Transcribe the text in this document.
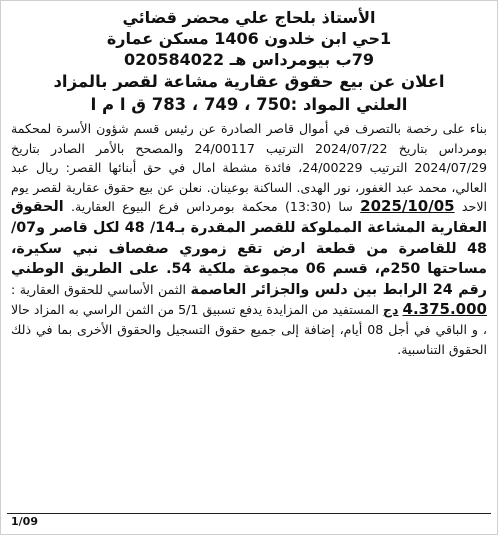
الأستاذ بلحاج علي محضر قضائي
1حي ابن خلدون 1406 مسكن عمارة
79ب بيومرداس هـ 020584022
اعلان عن بيع حقوق عقارية مشاعة لقصر بالمزاد
العلني المواد :750 ، 749 ، 783 ق ا م ا
بناء على رخصة بالتصرف في أموال قاصر الصادرة عن رئيس قسم شؤون الأسرة لمحكمة بومرداس بتاريخ 2024/07/22 الترتيب 24/00117 والمصحح بالأمر الصادر بتاريخ 2024/07/29 الترتيب 24/00229، فائدة مشطة امال في حق أبنائها القصر: ريال عبد العالي، محمد عبد الغفور، نور الهدى. الساكنة بوعينان. نعلن عن بيع حقوق عقارية لقصر يوم الاحد 2025/10/05 سا (13:30) محكمة بومرداس فرع البيوع العقارية. الحقوق العقارية المشاعة المملوكة للقصر المقدرة بـ14/ 48 لكل قاصر و07/ 48 للقاصرة من قطعة ارض تقع زموري صفصاف نبي سكيرة، مساحتها 250م، قسم 06 مجموعة ملكية 54. على الطريق الوطني رقم 24 الرابط بين دلس والجزائر العاصمة الثمن الأساسي للحقوق العقارية : 4.375.000 دج المستفيد من المزايدة يدفع تسبيق 5/1 من الثمن الراسي به المزاد حالا ، و الباقي في أجل 08 أيام، إضافة إلى جميع حقوق التسجيل والحقوق الأخرى بما في ذلك الحقوق التناسبية.
1/09
